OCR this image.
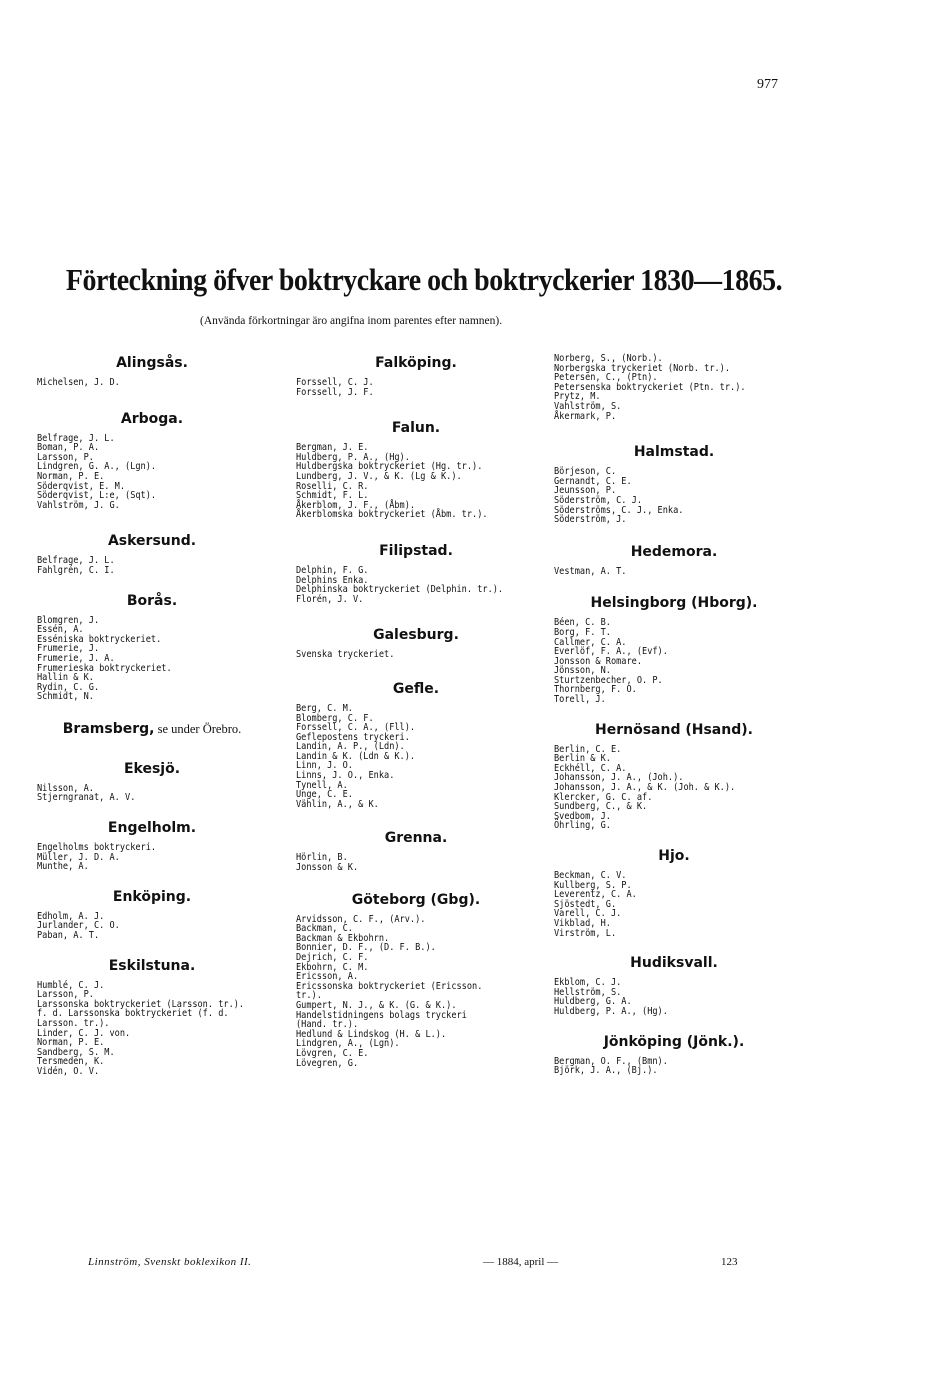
977
Förteckning öfver boktryckare och boktryckerier 1830—1865.
(Använda förkortningar äro angifna inom parentes efter namnen).
Alingsås.
Michelsen, J. D.
Arboga.
Belfrage, J. L.
Boman, P. A.
Larsson, P.
Lindgren, G. A., (Lgn).
Norman, P. E.
Söderqvist, E. M.
Söderqvist, L:e, (Sqt).
Vahlström, J. G.
Askersund.
Belfrage, J. L.
Fahlgrén, C. I.
Borås.
Blomgren, J.
Essén, A.
Esséniska boktryckeriet.
Frumerie, J.
Frumerie, J. A.
Frumerieska boktryckeriet.
Hallin & K.
Rydin, C. G.
Schmidt, N.
Bramsberg, se under Örebro.
Ekesjö.
Nilsson, A.
Stjerngranat, A. V.
Engelholm.
Engelholms boktryckeri.
Müller, J. D. A.
Munthe, A.
Enköping.
Edholm, A. J.
Jurlander, C. O.
Paban, A. T.
Eskilstuna.
Humblé, C. J.
Larsson, P.
Larssonska boktryckeriet (Larsson. tr.).
f. d. Larssonska boktryckeriet (f. d.
Larsson. tr.).
Linder, C. J. von.
Norman, P. E.
Sandberg, S. M.
Tersmeden, K.
Vidén, O. V.
Falköping.
Forssell, C. J.
Forssell, J. F.
Falun.
Bergman, J. E.
Huldberg, P. A., (Hg).
Huldbergska boktryckeriet (Hg. tr.).
Lundberg, J. V., & K. (Lg & K.).
Roselli, C. R.
Schmidt, F. L.
Åkerblom, J. F., (Åbm).
Åkerblomska boktryckeriet (Åbm. tr.).
Filipstad.
Delphin, F. G.
Delphins Enka.
Delphinska boktryckeriet (Delphin. tr.).
Florén, J. V.
Galesburg.
Svenska tryckeriet.
Gefle.
Berg, C. M.
Blomberg, C. F.
Forssell, C. A., (Fll).
Geflepostens tryckeri.
Landin, A. P., (Ldn).
Landin & K. (Ldn & K.).
Linn, J. O.
Linns, J. O., Enka.
Tynell, A.
Unge, C. E.
Vählin, A., & K.
Grenna.
Hörlin, B.
Jonsson & K.
Göteborg (Gbg).
Arvidsson, C. F., (Arv.).
Backman, C.
Backman & Ekbohrn.
Bonnier, D. F., (D. F. B.).
Dejrich, C. F.
Ekbohrn, C. M.
Ericsson, A.
Ericssonska boktryckeriet (Ericsson.
tr.).
Gumpert, N. J., & K. (G. & K.).
Handelstidningens bolags tryckeri
(Hand. tr.).
Hedlund & Lindskog (H. & L.).
Lindgren, A., (Lgn).
Lövgren, C. E.
Lövegren, G.
Norberg, S., (Norb.).
Norbergska tryckeriet (Norb. tr.).
Petersen, C., (Ptn).
Petersenska boktryckeriet (Ptn. tr.).
Prytz, M.
Vahlström, S.
Åkermark, P.
Halmstad.
Börjeson, C.
Gernandt, C. E.
Jeunsson, P.
Söderström, C. J.
Söderströms, C. J., Enka.
Söderström, J.
Hedemora.
Vestman, A. T.
Helsingborg (Hborg).
Béen, C. B.
Borg, F. T.
Callmer, C. A.
Everlöf, F. A., (Evf).
Jonsson & Romare.
Jönsson, N.
Sturtzenbecher, O. P.
Thornberg, F. O.
Torell, J.
Hernösand (Hsand).
Berlin, C. E.
Berlin & K.
Eckhéll, C. A.
Johansson, J. A., (Joh.).
Johansson, J. A., & K. (Joh. & K.).
Klercker, G. C. af.
Sundberg, C., & K.
Svedbom, J.
Öhrling, G.
Hjo.
Beckman, C. V.
Kullberg, S. P.
Leverentz, C. A.
Sjöstedt, G.
Varell, C. J.
Vikblad, H.
Virström, L.
Hudiksvall.
Ekblom, C. J.
Hellström, S.
Huldberg, G. A.
Huldberg, P. A., (Hg).
Jönköping (Jönk.).
Bergman, O. F., (Bmn).
Björk, J. A., (Bj.).
Linnström, Svenskt boklexikon II.	— 1884, april —	123
